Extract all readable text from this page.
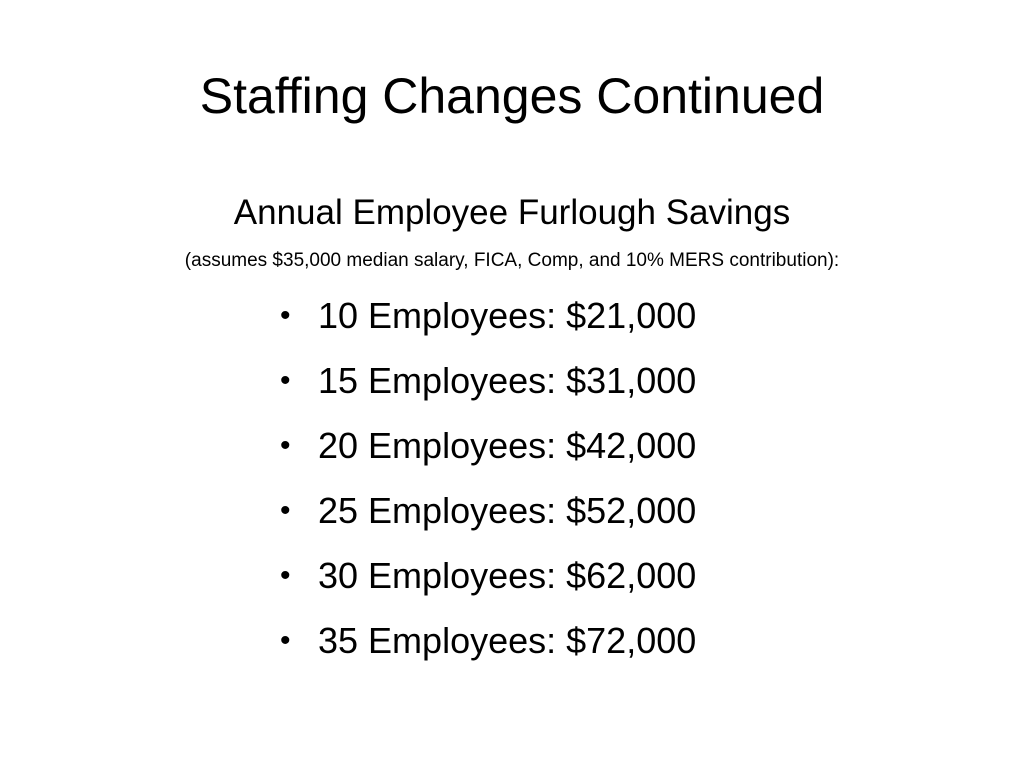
Staffing Changes Continued
Annual Employee Furlough Savings
(assumes $35,000 median salary, FICA, Comp, and 10% MERS contribution):
• 10 Employees: $21,000
• 15 Employees: $31,000
• 20 Employees: $42,000
• 25 Employees: $52,000
• 30 Employees: $62,000
• 35 Employees: $72,000
